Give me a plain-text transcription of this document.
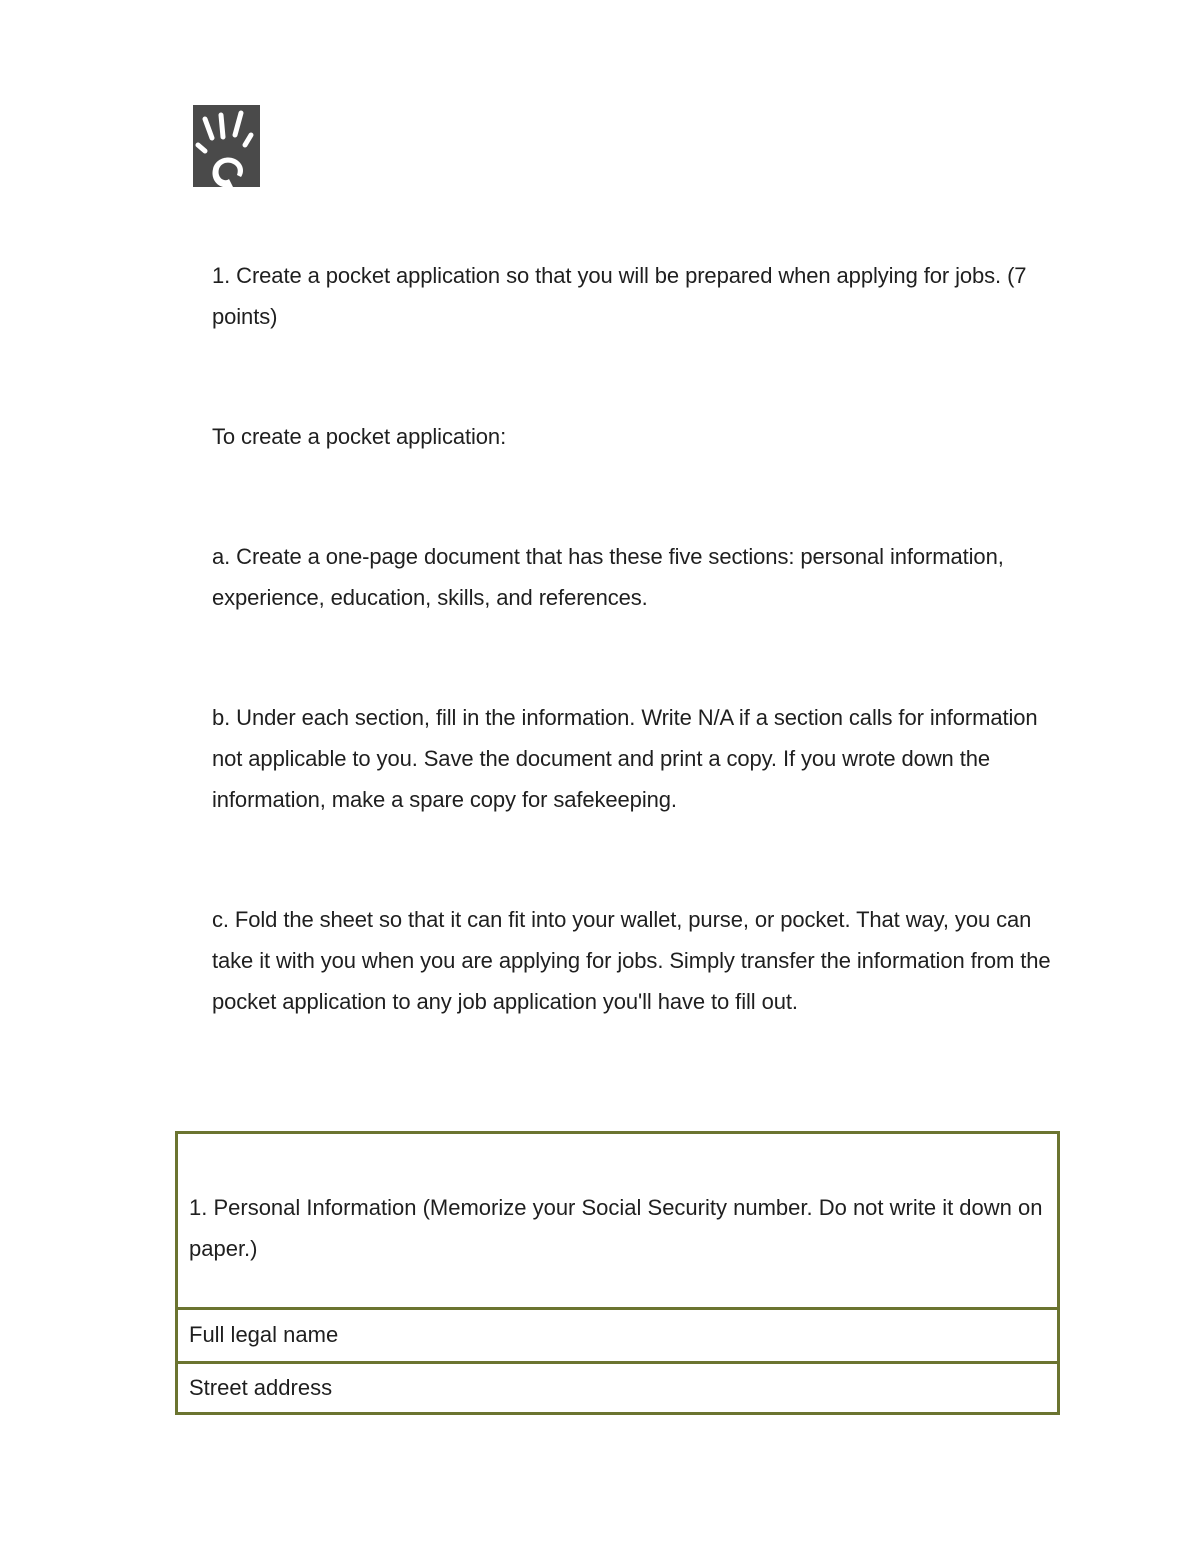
1. Create a pocket application so that you will be prepared when applying for jobs. (7 points)

To create a pocket application:

a. Create a one-page document that has these five sections: personal information, experience, education, skills, and references.

b. Under each section, fill in the information. Write N/A if a section calls for information not applicable to you. Save the document and print a copy. If you wrote down the information, make a spare copy for safekeeping.

c. Fold the sheet so that it can fit into your wallet, purse, or pocket. That way, you can take it with you when you are applying for jobs. Simply transfer the information from the pocket application to any job application you'll have to fill out.

1. Personal Information (Memorize your Social Security number. Do not write it down on paper.)
Full legal name
Street address
